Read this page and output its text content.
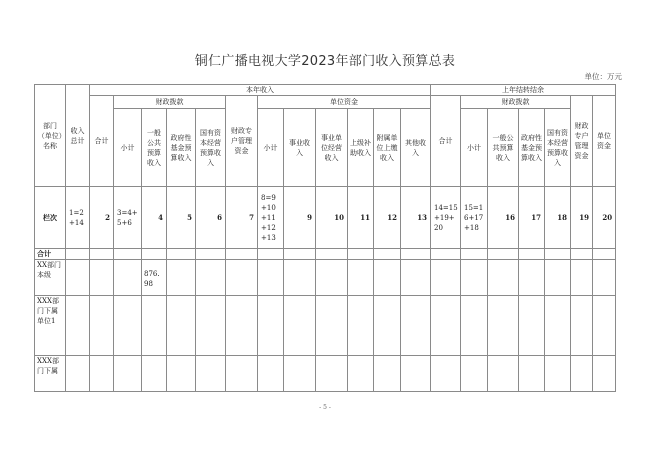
铜仁广播电视大学2023年部门收入预算总表
单位：万元
部门（单位）名称	收入总计	本年收入												上年结转结余						
		合计	财政拨款				财政专户管理资金	单位资金						合计	财政拨款				财政专户管理资金	单位资金
			小计	一般公共预算收入	政府性基金预算收入	国有资本经营预算收入		小计	事业收入	事业单位经营收入	上级补助收入	附属单位上缴收入	其他收入		小计	一般公共预算收入	政府性基金预算收入	国有资本经营预算收入		

栏次	1=2+14	2	3=4+5+6	4	5	6	7	8=9+10+11+12+13	9	10	11	12	13	14=15+19+20	15=16+17+18	16	17	18	19	20
合计																				
XX部门本级				876.98																
XXX部门下属单位1																				
XXX部门下属																				
- 5 -
